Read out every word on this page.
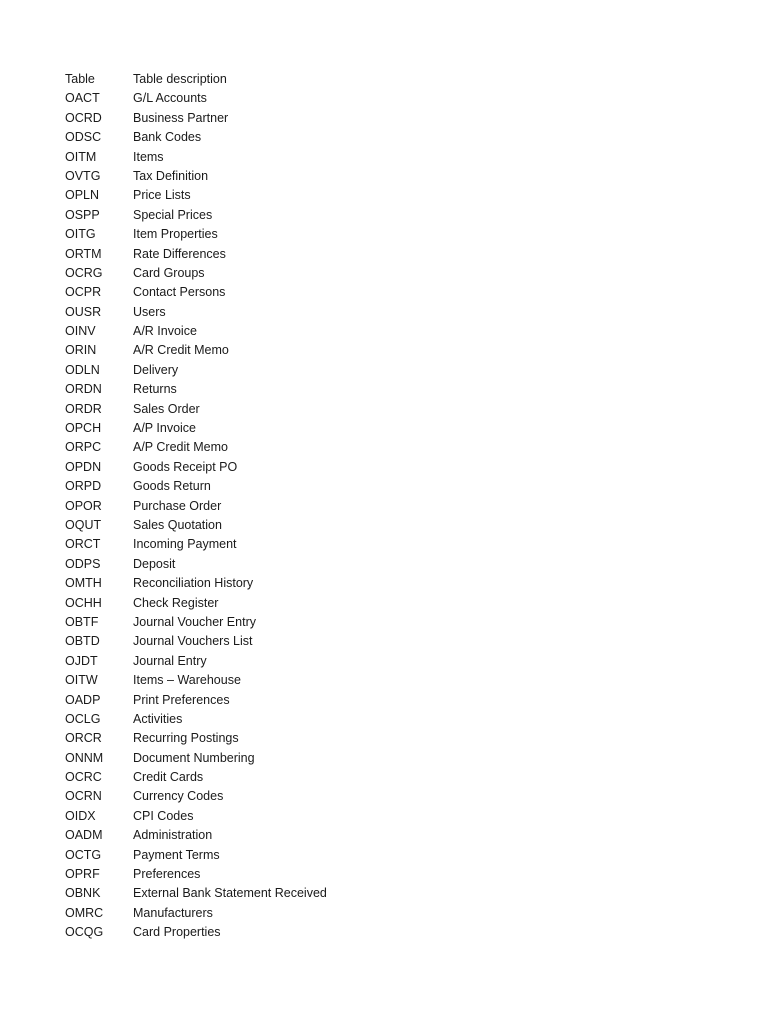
Table	Table description
OACT	G/L Accounts
OCRD	Business Partner
ODSC	Bank Codes
OITM	Items
OVTG	Tax Definition
OPLN	Price Lists
OSPP	Special Prices
OITG	Item Properties
ORTM	Rate Differences
OCRG	Card Groups
OCPR	Contact Persons
OUSR	Users
OINV	A/R Invoice
ORIN	A/R Credit Memo
ODLN	Delivery
ORDN	Returns
ORDR	Sales Order
OPCH	A/P Invoice
ORPC	A/P Credit Memo
OPDN	Goods Receipt PO
ORPD	Goods Return
OPOR	Purchase Order
OQUT	Sales Quotation
ORCT	Incoming Payment
ODPS	Deposit
OMTH	Reconciliation History
OCHH	Check Register
OBTF	Journal Voucher Entry
OBTD	Journal Vouchers List
OJDT	Journal Entry
OITW	Items – Warehouse
OADP	Print Preferences
OCLG	Activities
ORCR	Recurring Postings
ONNM	Document Numbering
OCRC	Credit Cards
OCRN	Currency Codes
OIDX	CPI Codes
OADM	Administration
OCTG	Payment Terms
OPRF	Preferences
OBNK	External Bank Statement Received
OMRC	Manufacturers
OCQG	Card Properties
